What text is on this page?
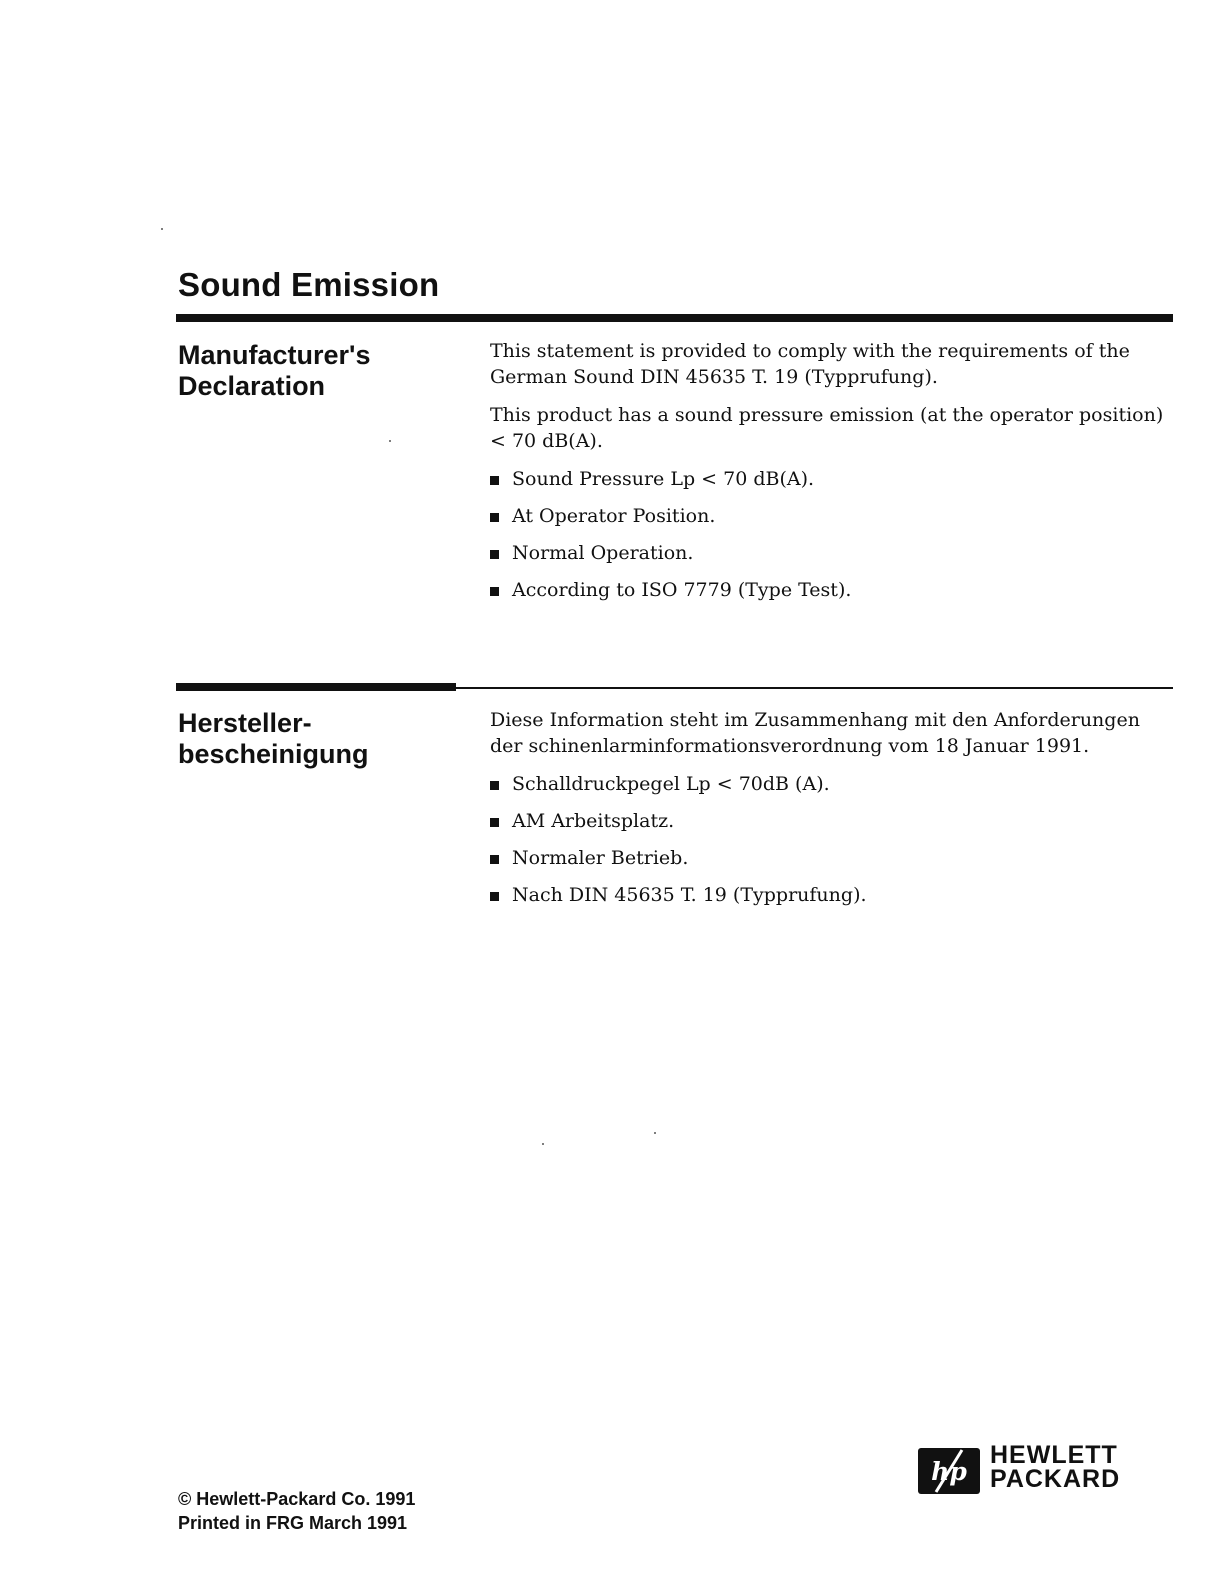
Sound Emission
Manufacturer's
Declaration

This statement is provided to comply with the requirements of the German Sound DIN 45635 T. 19 (Typprufung).

This product has a sound pressure emission (at the operator position) < 70 dB(A).

Sound Pressure Lp < 70 dB(A).
At Operator Position.
Normal Operation.
According to ISO 7779 (Type Test).
Hersteller-
bescheinigung

Diese Information steht im Zusammenhang mit den Anforderungen der schinenlarminformationsverordnung vom 18 Januar 1991.

Schalldruckpegel Lp < 70dB (A).
AM Arbeitsplatz.
Normaler Betrieb.
Nach DIN 45635 T. 19 (Typprufung).
© Hewlett-Packard Co. 1991
Printed in FRG March 1991
hp
HEWLETT
PACKARD
